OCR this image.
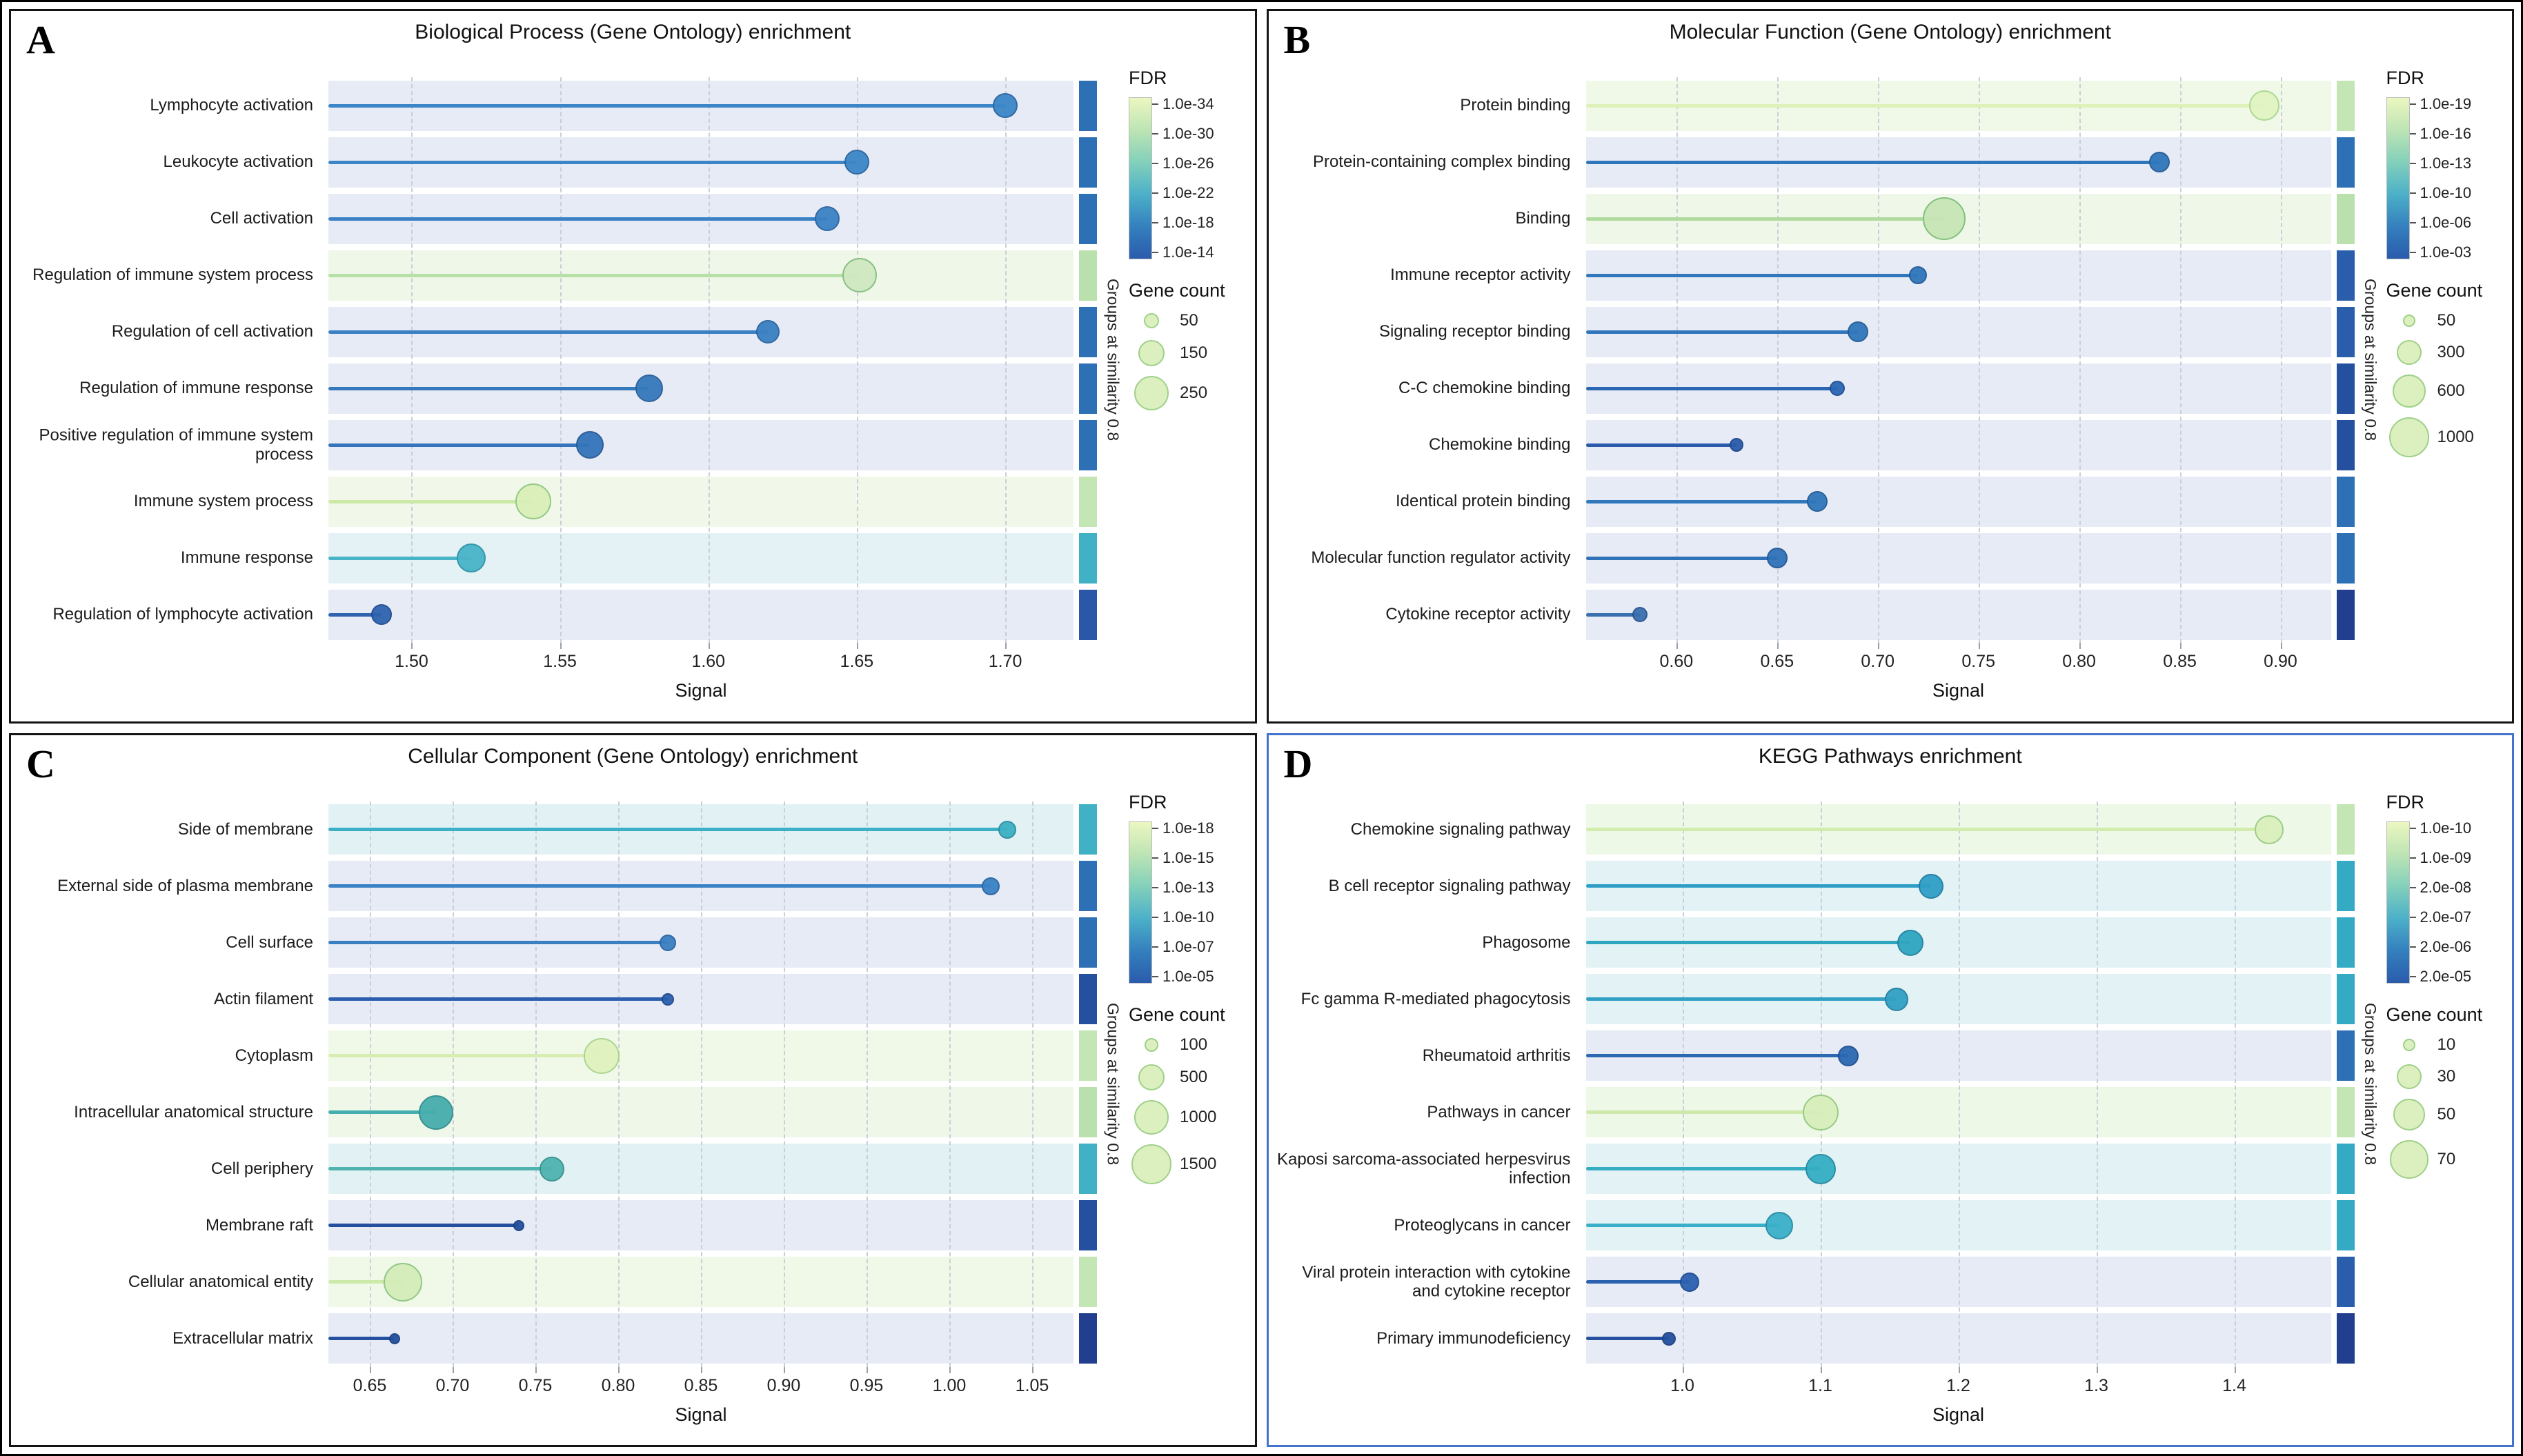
A	Biological Process (Gene Ontology) enrichment
Lymphocyte activation
Leukocyte activation
Cell activation
Regulation of immune system process
Regulation of cell activation
Regulation of immune response
Positive regulation of immune system process
Immune system process
Immune response
Regulation of lymphocyte activation
1.50	1.55	1.60	1.65	1.70
Signal
Groups at similarity 0.8
FDR
1.0e-34
1.0e-30
1.0e-26
1.0e-22
1.0e-18
1.0e-14
Gene count
50
150
250
B	Molecular Function (Gene Ontology) enrichment
Protein binding
Protein-containing complex binding
Binding
Immune receptor activity
Signaling receptor binding
C-C chemokine binding
Chemokine binding
Identical protein binding
Molecular function regulator activity
Cytokine receptor activity
0.60	0.65	0.70	0.75	0.80	0.85	0.90
Signal
Groups at similarity 0.8
FDR
1.0e-19
1.0e-16
1.0e-13
1.0e-10
1.0e-06
1.0e-03
Gene count
50
300
600
1000
C	Cellular Component (Gene Ontology) enrichment
Side of membrane
External side of plasma membrane
Cell surface
Actin filament
Cytoplasm
Intracellular anatomical structure
Cell periphery
Membrane raft
Cellular anatomical entity
Extracellular matrix
0.65	0.70	0.75	0.80	0.85	0.90	0.95	1.00	1.05
Signal
Groups at similarity 0.8
FDR
1.0e-18
1.0e-15
1.0e-13
1.0e-10
1.0e-07
1.0e-05
Gene count
100
500
1000
1500
D	KEGG Pathways enrichment
Chemokine signaling pathway
B cell receptor signaling pathway
Phagosome
Fc gamma R-mediated phagocytosis
Rheumatoid arthritis
Pathways in cancer
Kaposi sarcoma-associated herpesvirus infection
Proteoglycans in cancer
Viral protein interaction with cytokine and cytokine receptor
Primary immunodeficiency
1.0	1.1	1.2	1.3	1.4
Signal
Groups at similarity 0.8
FDR
1.0e-10
1.0e-09
2.0e-08
2.0e-07
2.0e-06
2.0e-05
Gene count
10
30
50
70
